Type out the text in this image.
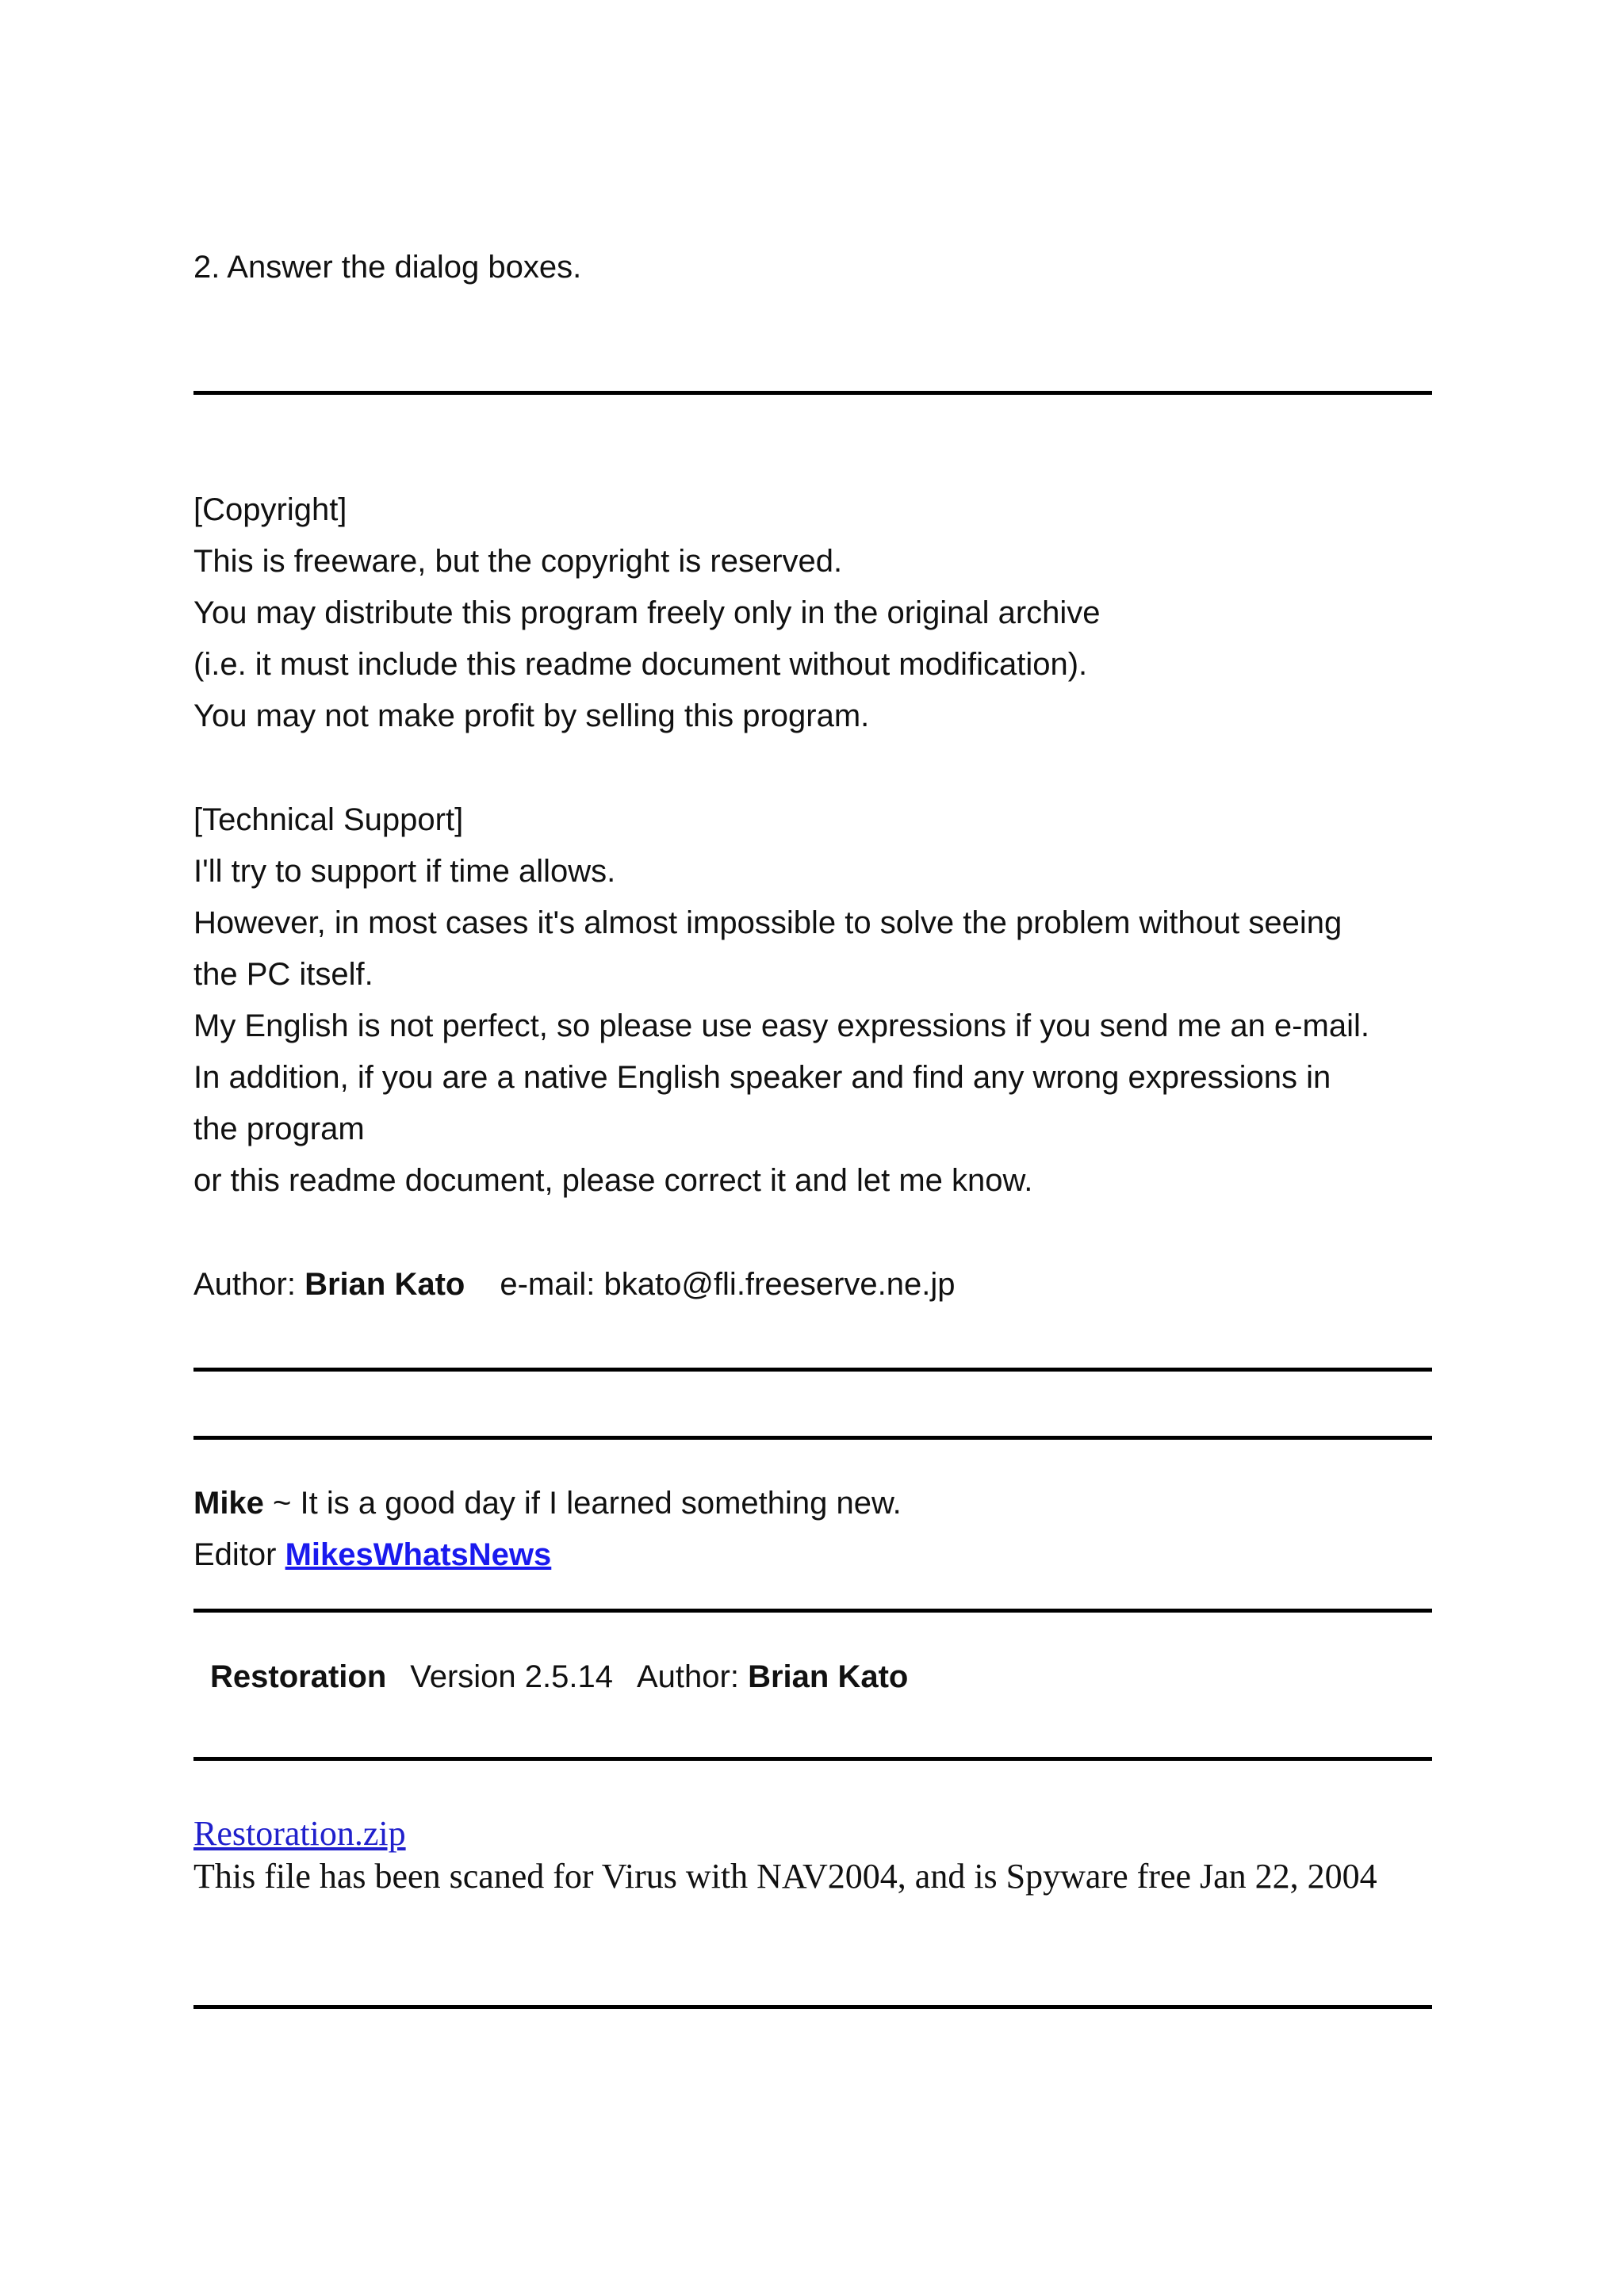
2. Answer the dialog boxes.

[Copyright]

This is freeware, but the copyright is reserved.

You may distribute this program freely only in the original archive

(i.e. it must include this readme document without modification).

You may not make profit by selling this program.

[Technical Support]

I'll try to support if time allows.

However, in most cases it's almost impossible to solve the problem without seeing

the PC itself.

My English is not perfect, so please use easy expressions if you send me an e-mail.

In addition, if you are a native English speaker and find any wrong expressions in

the program

or this readme document, please correct it and let me know.

Author: Brian Kato e-mail: bkato@fli.freeserve.ne.jp

Mike ~ It is a good day if I learned something new.

Editor MikesWhatsNews

Restoration Version 2.5.14 Author: Brian Kato

Restoration.zip
This file has been scaned for Virus with NAV2004, and is Spyware free Jan 22, 2004
